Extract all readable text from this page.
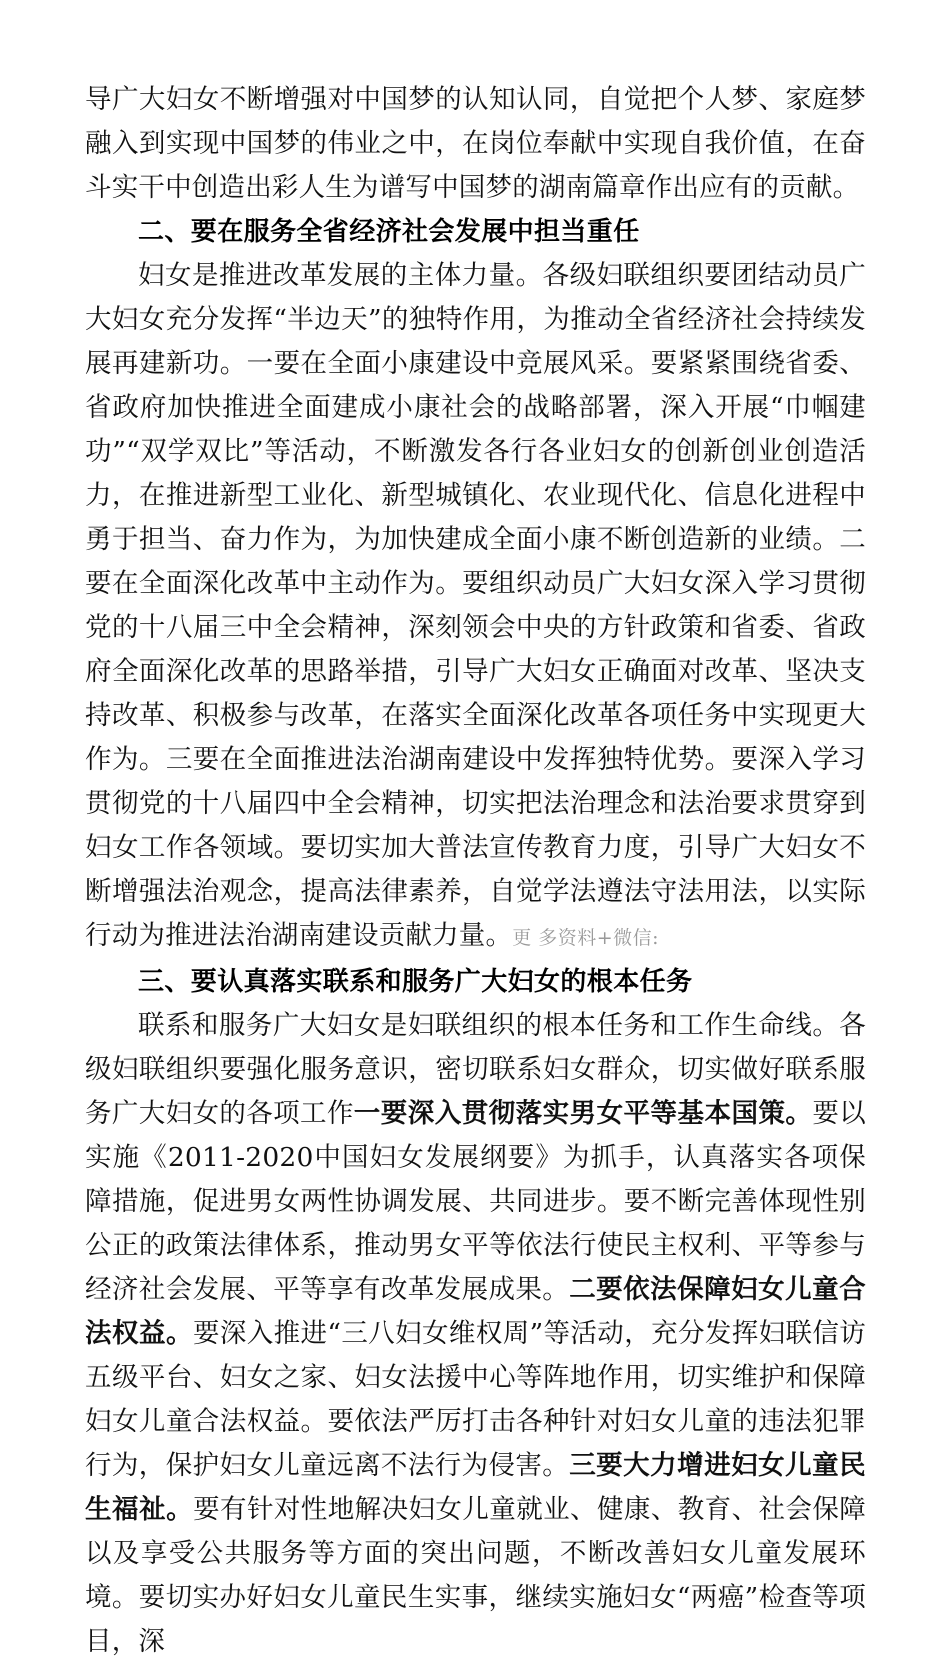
导广大妇女不断增强对中国梦的认知认同，自觉把个人梦、家庭梦融入到实现中国梦的伟业之中，在岗位奉献中实现自我价值，在奋斗实干中创造出彩人生为谱写中国梦的湖南篇章作出应有的贡献。

二、要在服务全省经济社会发展中担当重任

妇女是推进改革发展的主体力量。各级妇联组织要团结动员广大妇女充分发挥“半边天”的独特作用，为推动全省经济社会持续发展再建新功。一要在全面小康建设中竞展风采。要紧紧围绕省委、省政府加快推进全面建成小康社会的战略部署，深入开展“巾帼建功”“双学双比”等活动，不断激发各行各业妇女的创新创业创造活力，在推进新型工业化、新型城镇化、农业现代化、信息化进程中勇于担当、奋力作为，为加快建成全面小康不断创造新的业绩。二要在全面深化改革中主动作为。要组织动员广大妇女深入学习贯彻党的十八届三中全会精神，深刻领会中央的方针政策和省委、省政府全面深化改革的思路举措，引导广大妇女正确面对改革、坚决支持改革、积极参与改革，在落实全面深化改革各项任务中实现更大作为。三要在全面推进法治湖南建设中发挥独特优势。要深入学习贯彻党的十八届四中全会精神，切实把法治理念和法治要求贯穿到妇女工作各领域。要切实加大普法宣传教育力度，引导广大妇女不断增强法治观念，提高法律素养，自觉学法遵法守法用法，以实际行动为推进法治湖南建设贡献力量。更 多资料+微信:

三、要认真落实联系和服务广大妇女的根本任务

联系和服务广大妇女是妇联组织的根本任务和工作生命线。各级妇联组织要强化服务意识，密切联系妇女群众，切实做好联系服务广大妇女的各项工作一要深入贯彻落实男女平等基本国策。要以实施《2011-2020中国妇女发展纲要》为抓手，认真落实各项保障措施，促进男女两性协调发展、共同进步。要不断完善体现性别公正的政策法律体系，推动男女平等依法行使民主权利、平等参与经济社会发展、平等享有改革发展成果。二要依法保障妇女儿童合法权益。要深入推进“三八妇女维权周”等活动，充分发挥妇联信访五级平台、妇女之家、妇女法援中心等阵地作用，切实维护和保障妇女儿童合法权益。要依法严厉打击各种针对妇女儿童的违法犯罪行为，保护妇女儿童远离不法行为侵害。三要大力增进妇女儿童民生福祉。要有针对性地解决妇女儿童就业、健康、教育、社会保障以及享受公共服务等方面的突出问题，不断改善妇女儿童发展环境。要切实办好妇女儿童民生实事，继续实施妇女“两癌”检查等项目，深
